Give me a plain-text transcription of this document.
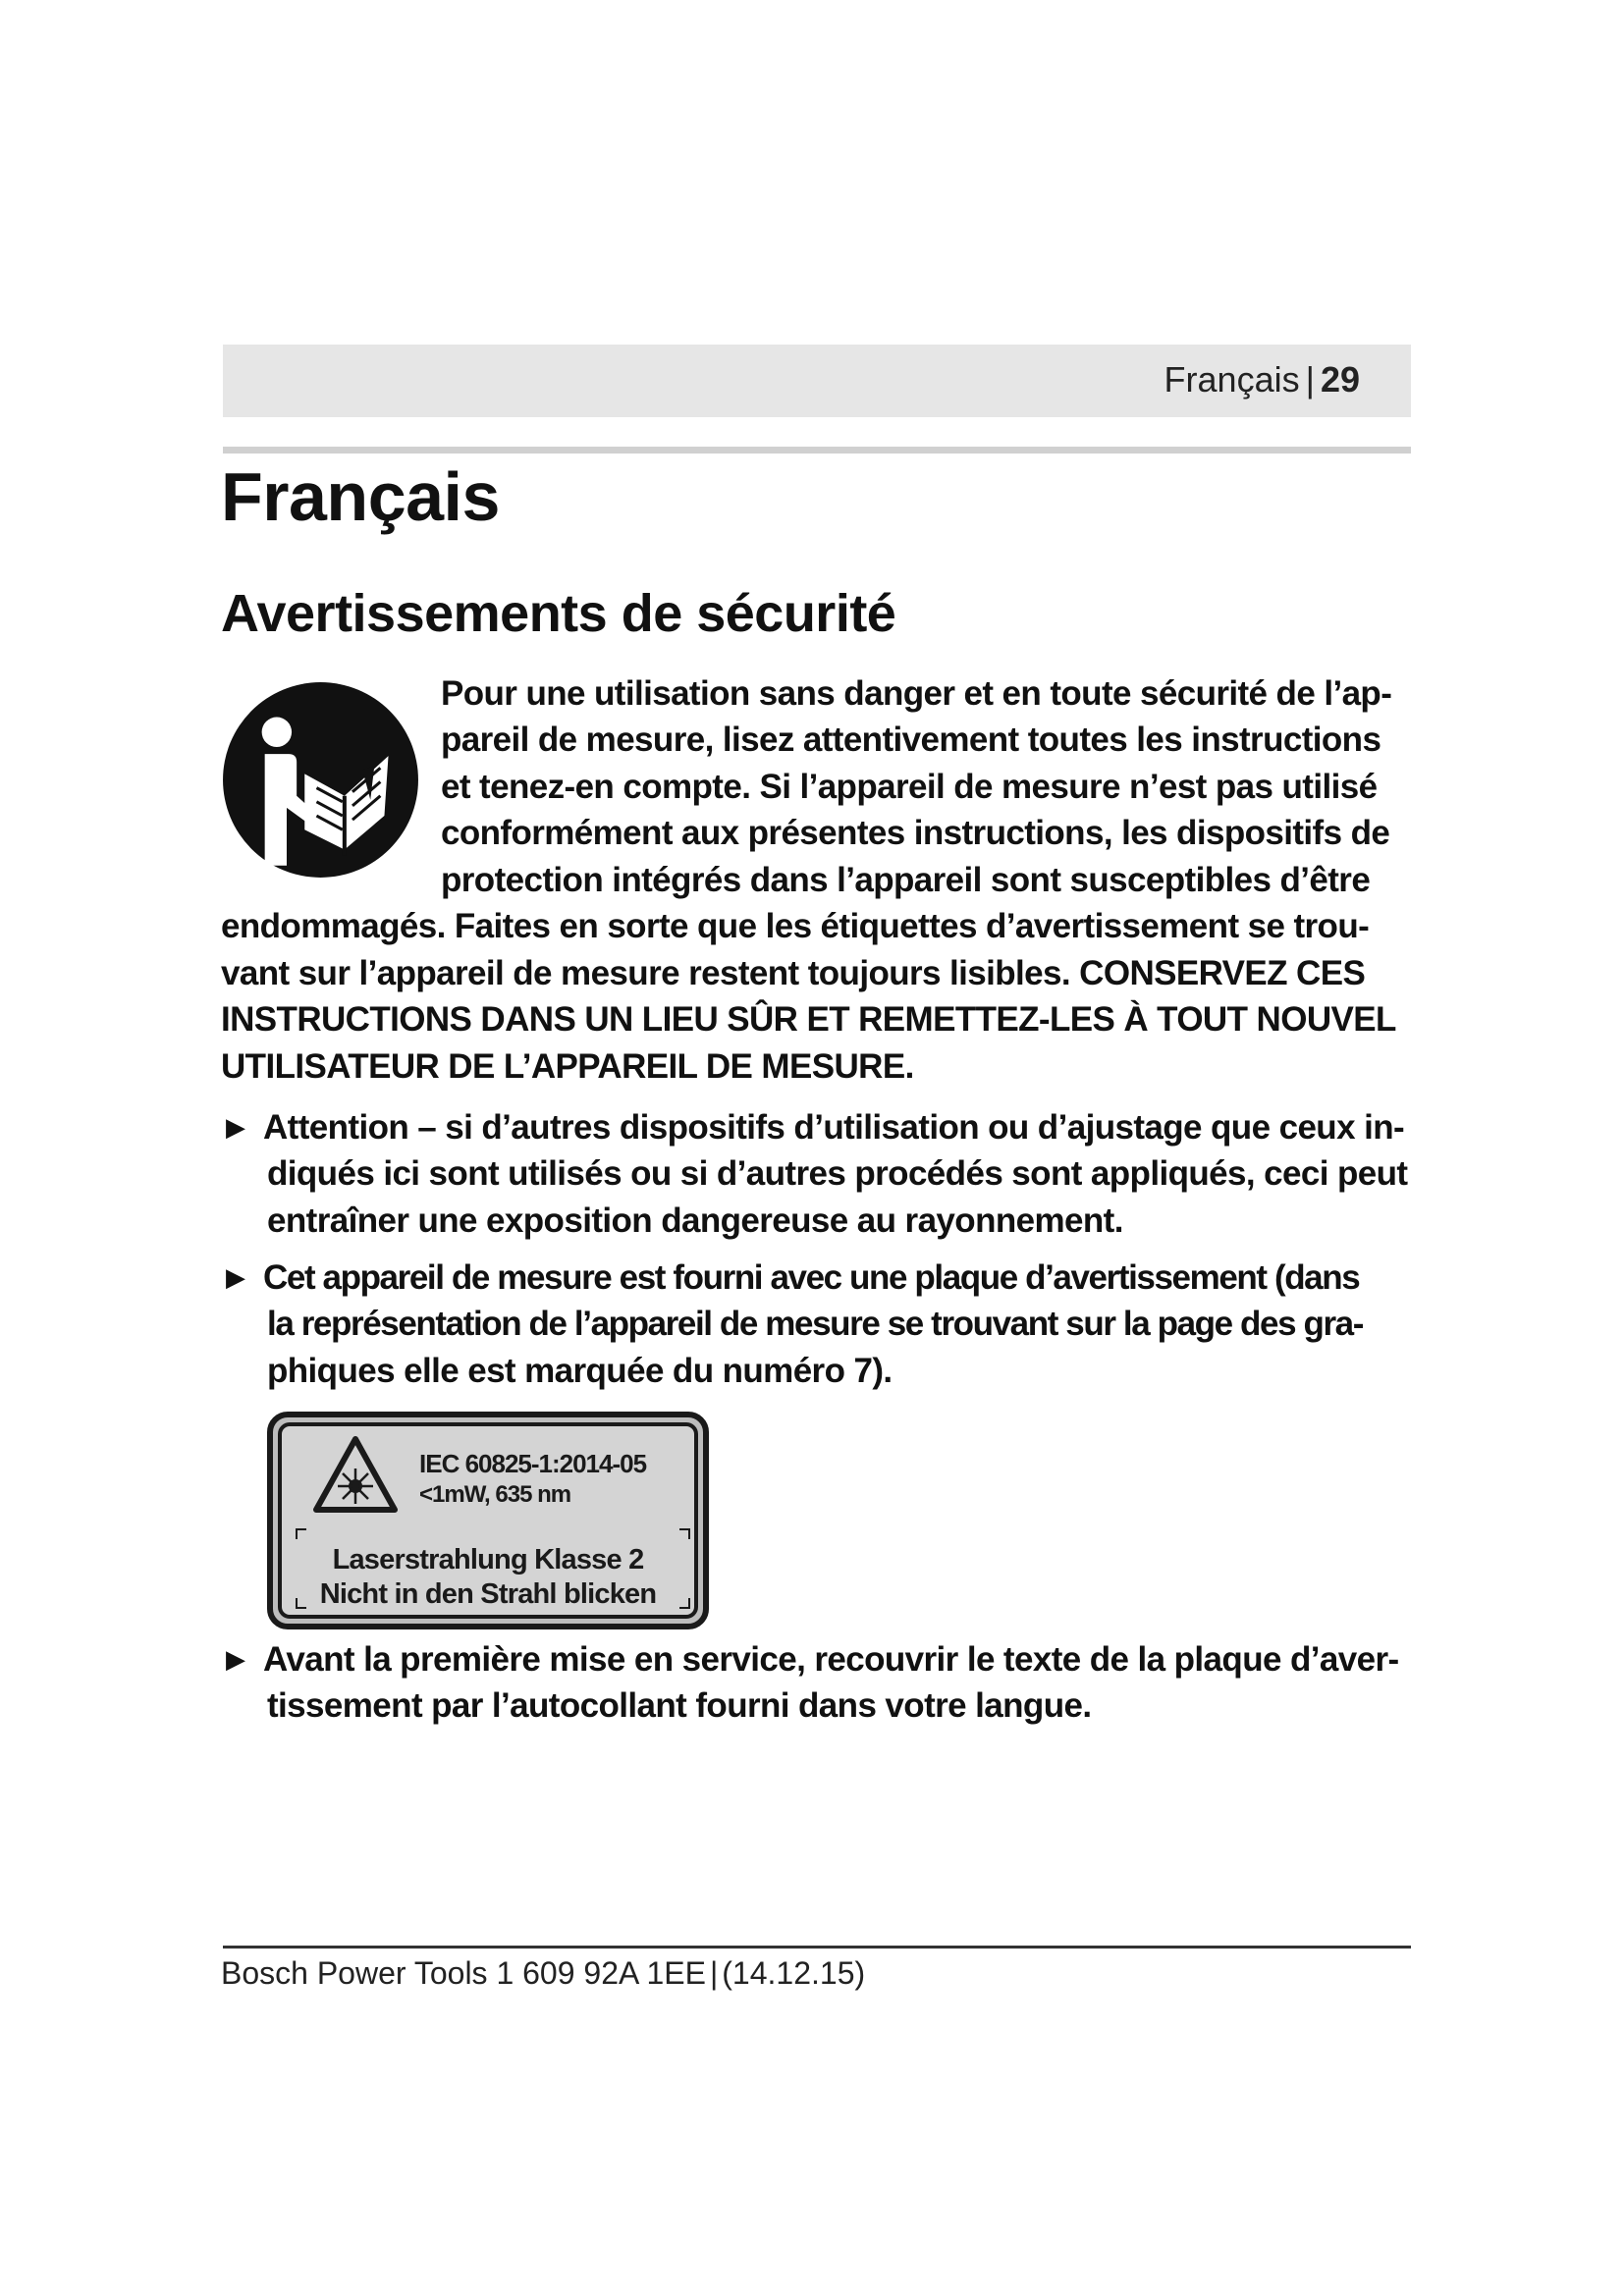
Français | 29
Français
Avertissements de sécurité
Pour une utilisation sans danger et en toute sécurité de l’ap-
pareil de mesure, lisez attentivement toutes les instructions
et tenez-en compte. Si l’appareil de mesure n’est pas utilisé
conformément aux présentes instructions, les dispositifs de
protection intégrés dans l’appareil sont susceptibles d’être
endommagés. Faites en sorte que les étiquettes d’avertissement se trou-
vant sur l’appareil de mesure restent toujours lisibles. CONSERVEZ CES
INSTRUCTIONS DANS UN LIEU SÛR ET REMETTEZ-LES À TOUT NOUVEL
UTILISATEUR DE L’APPAREIL DE MESURE.
▶ Attention – si d’autres dispositifs d’utilisation ou d’ajustage que ceux in-
diqués ici sont utilisés ou si d’autres procédés sont appliqués, ceci peut
entraîner une exposition dangereuse au rayonnement.
▶ Cet appareil de mesure est fourni avec une plaque d’avertissement (dans
la représentation de l’appareil de mesure se trouvant sur la page des gra-
phiques elle est marquée du numéro 7).
IEC 60825-1:2014-05
<1mW, 635 nm
Laserstrahlung Klasse 2
Nicht in den Strahl blicken
▶ Avant la première mise en service, recouvrir le texte de la plaque d’aver-
tissement par l’autocollant fourni dans votre langue.
Bosch Power Tools 1 609 92A 1EE | (14.12.15)
